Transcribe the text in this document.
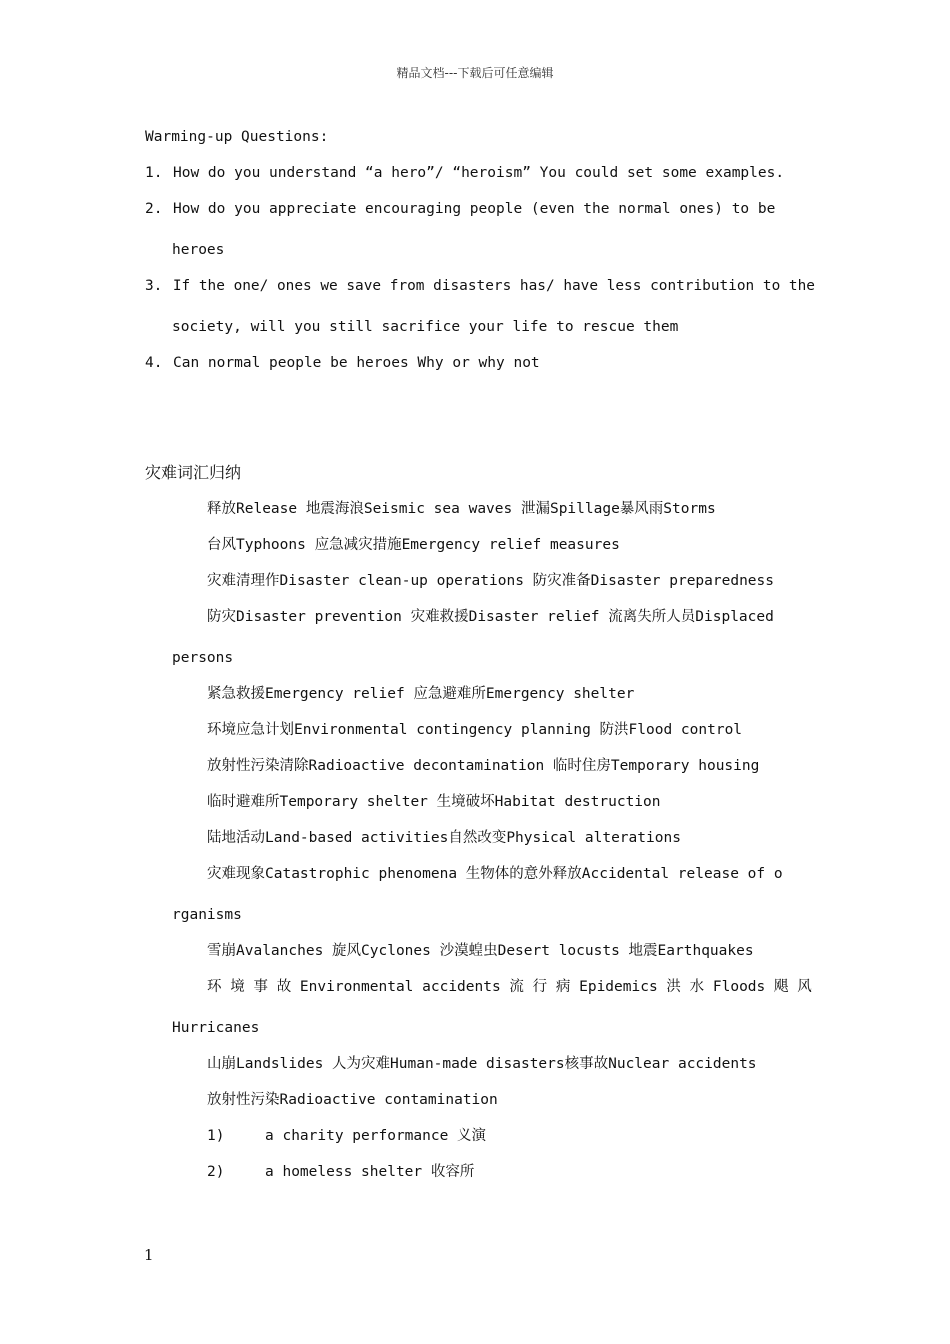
精品文档---下载后可任意编辑
Warming-up Questions:
1. How do you understand “a hero”/ “heroism” You could set some examples.
2. How do you appreciate encouraging people (even the normal ones) to be
heroes
3. If the one/ ones we save from disasters has/ have less contribution to the
society, will you still sacrifice your life to rescue them
4. Can normal people be heroes Why or why not
灾难词汇归纳
释放Release 地震海浪Seismic sea waves 泄漏Spillage暴风雨Storms
台风Typhoons 应急减灾措施Emergency relief measures
灾难清理作Disaster clean-up operations 防灾准备Disaster preparedness
防灾Disaster prevention 灾难救援Disaster relief 流离失所人员Displaced
persons
紧急救援Emergency relief 应急避难所Emergency shelter
环境应急计划Environmental contingency planning 防洪Flood control
放射性污染清除Radioactive decontamination 临时住房Temporary housing
临时避难所Temporary shelter 生境破坏Habitat destruction
陆地活动Land-based activities自然改变Physical alterations
灾难现象Catastrophic phenomena 生物体的意外释放Accidental release of o
rganisms
雪崩Avalanches 旋风Cyclones 沙漠蝗虫Desert locusts 地震Earthquakes
环 境 事 故 Environmental accidents 流 行 病 Epidemics 洪 水 Floods 飓 风
Hurricanes
山崩Landslides 人为灾难Human-made disasters核事故Nuclear accidents
放射性污染Radioactive contamination
1)	a charity performance 义演
2)	a homeless shelter 收容所
1
